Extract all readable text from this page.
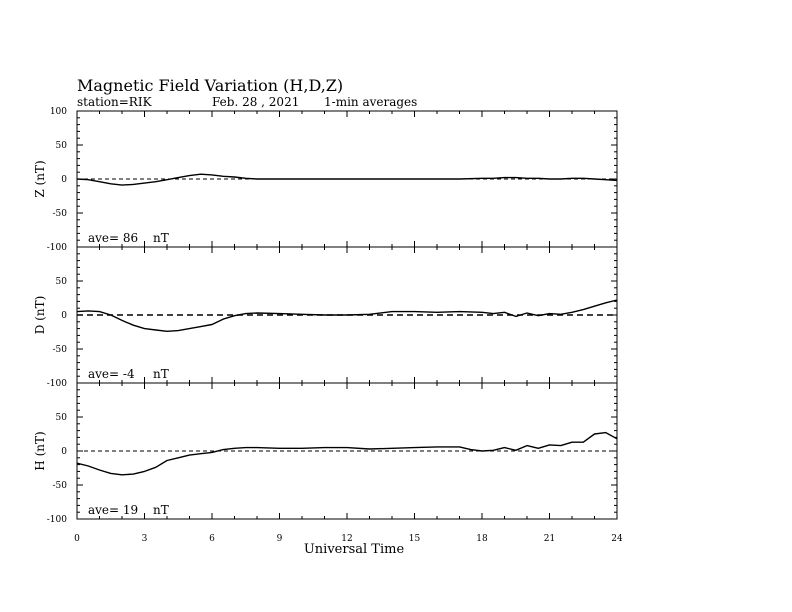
Magnetic Field Variation (H,D,Z)
station=RIK	Feb. 28 , 2021 1-min averages
100
50
0
-50
-100
Z (nT)
ave= 86 nT
50
0
-50
-100
D (nT)
ave= -4 nT
50
0
-50
-100
H (nT)
ave= 19 nT
0	3	6	9	12	15	18	21	24
Universal Time
